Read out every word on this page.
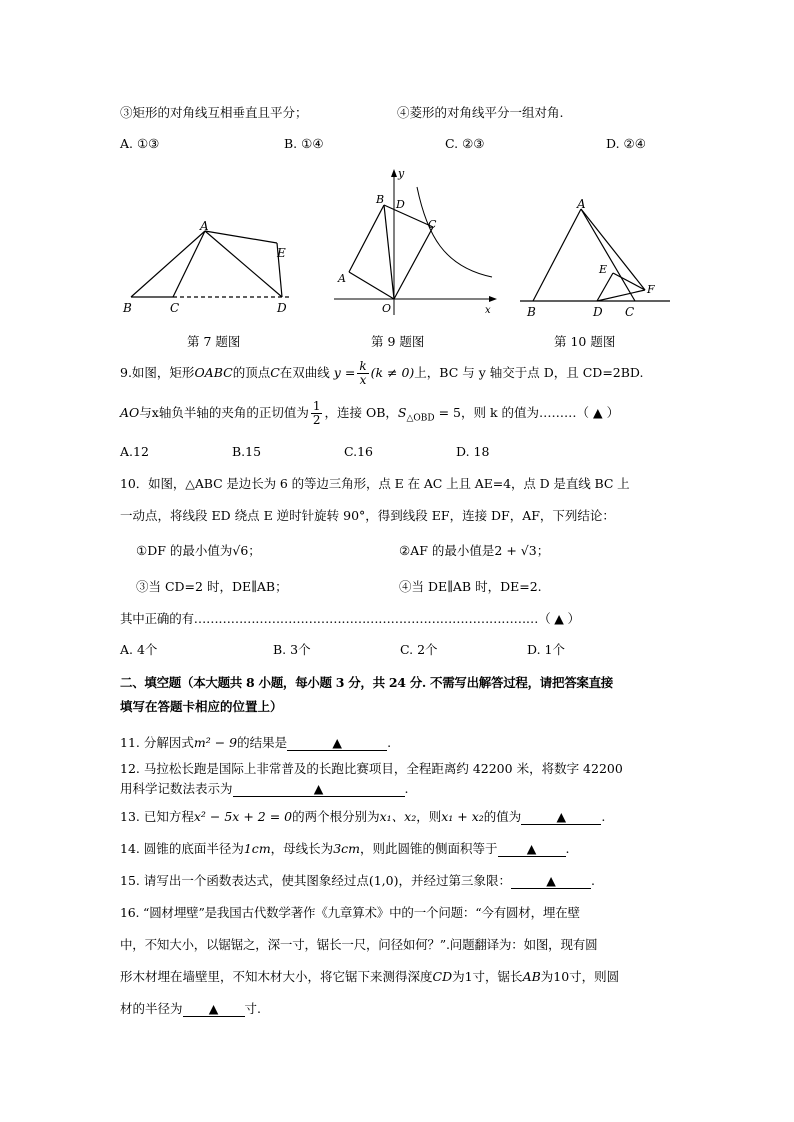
③矩形的对角线互相垂直且平分；	④菱形的对角线平分一组对角.
A. ①③	B. ①④	C. ②③	D. ②④
A
E
B	C	D
第 7 题图
y
B D
C
A
O	x
第 9 题图
A
E
F
B	D C
第 10 题图
9.如图，矩形OABC的顶点C在双曲线 $y = \frac{k}{x} (k \ne 0)$上，BC 与 y 轴交于点 D，且 CD=2BD.
AO与x轴负半轴的夹角的正切值为 $\frac{1}{2}$ ，连接 OB，$S_{\triangle OBD} = 5$，则 k 的值为………（ ▲ ）
A.12	B.15	C.16	D. 18
10．如图，△ABC 是边长为 6 的等边三角形，点 E 在 AC 上且 AE=4，点 D 是直线 BC 上
一动点，将线段 ED 绕点 E 逆时针旋转 90°，得到线段 EF，连接 DF，AF，下列结论：
①DF 的最小值为√6；	②AF 的最小值是2 + √3；
③当 CD=2 时，DE∥AB；	④当 DE∥AB 时，DE=2.
其中正确的有…………………………………………………………………………（ ▲ ）
A. 4个	B. 3个	C. 2个	D. 1个
二、填空题（本大题共 8 小题，每小题 3 分，共 24 分. 不需写出解答过程，请把答案直接
填写在答题卡相应的位置上）
11. 分解因式m² − 9的结果是	▲	.
12. 马拉松长跑是国际上非常普及的长跑比赛项目，全程距离约 42200 米，将数字 42200
用科学记数法表示为	▲	.
13. 已知方程x² − 5x + 2 = 0的两个根分别为x₁、x₂，则x₁ + x₂的值为	▲	.
14. 圆锥的底面半径为1cm，母线长为3cm，则此圆锥的侧面积等于 ▲ .
15. 请写出一个函数表达式，使其图象经过点(1,0)，并经过第三象限：	▲	.
16. “圆材埋壁”是我国古代数学著作《九章算术》中的一个问题：“今有圆材，埋在壁
中，不知大小，以锯锯之，深一寸，锯长一尺，问径如何？”.问题翻译为：如图，现有圆
形木材埋在墙壁里，不知木材大小，将它锯下来测得深度CD为1寸，锯长AB为10寸，则圆
材的半径为 ▲ 寸.
